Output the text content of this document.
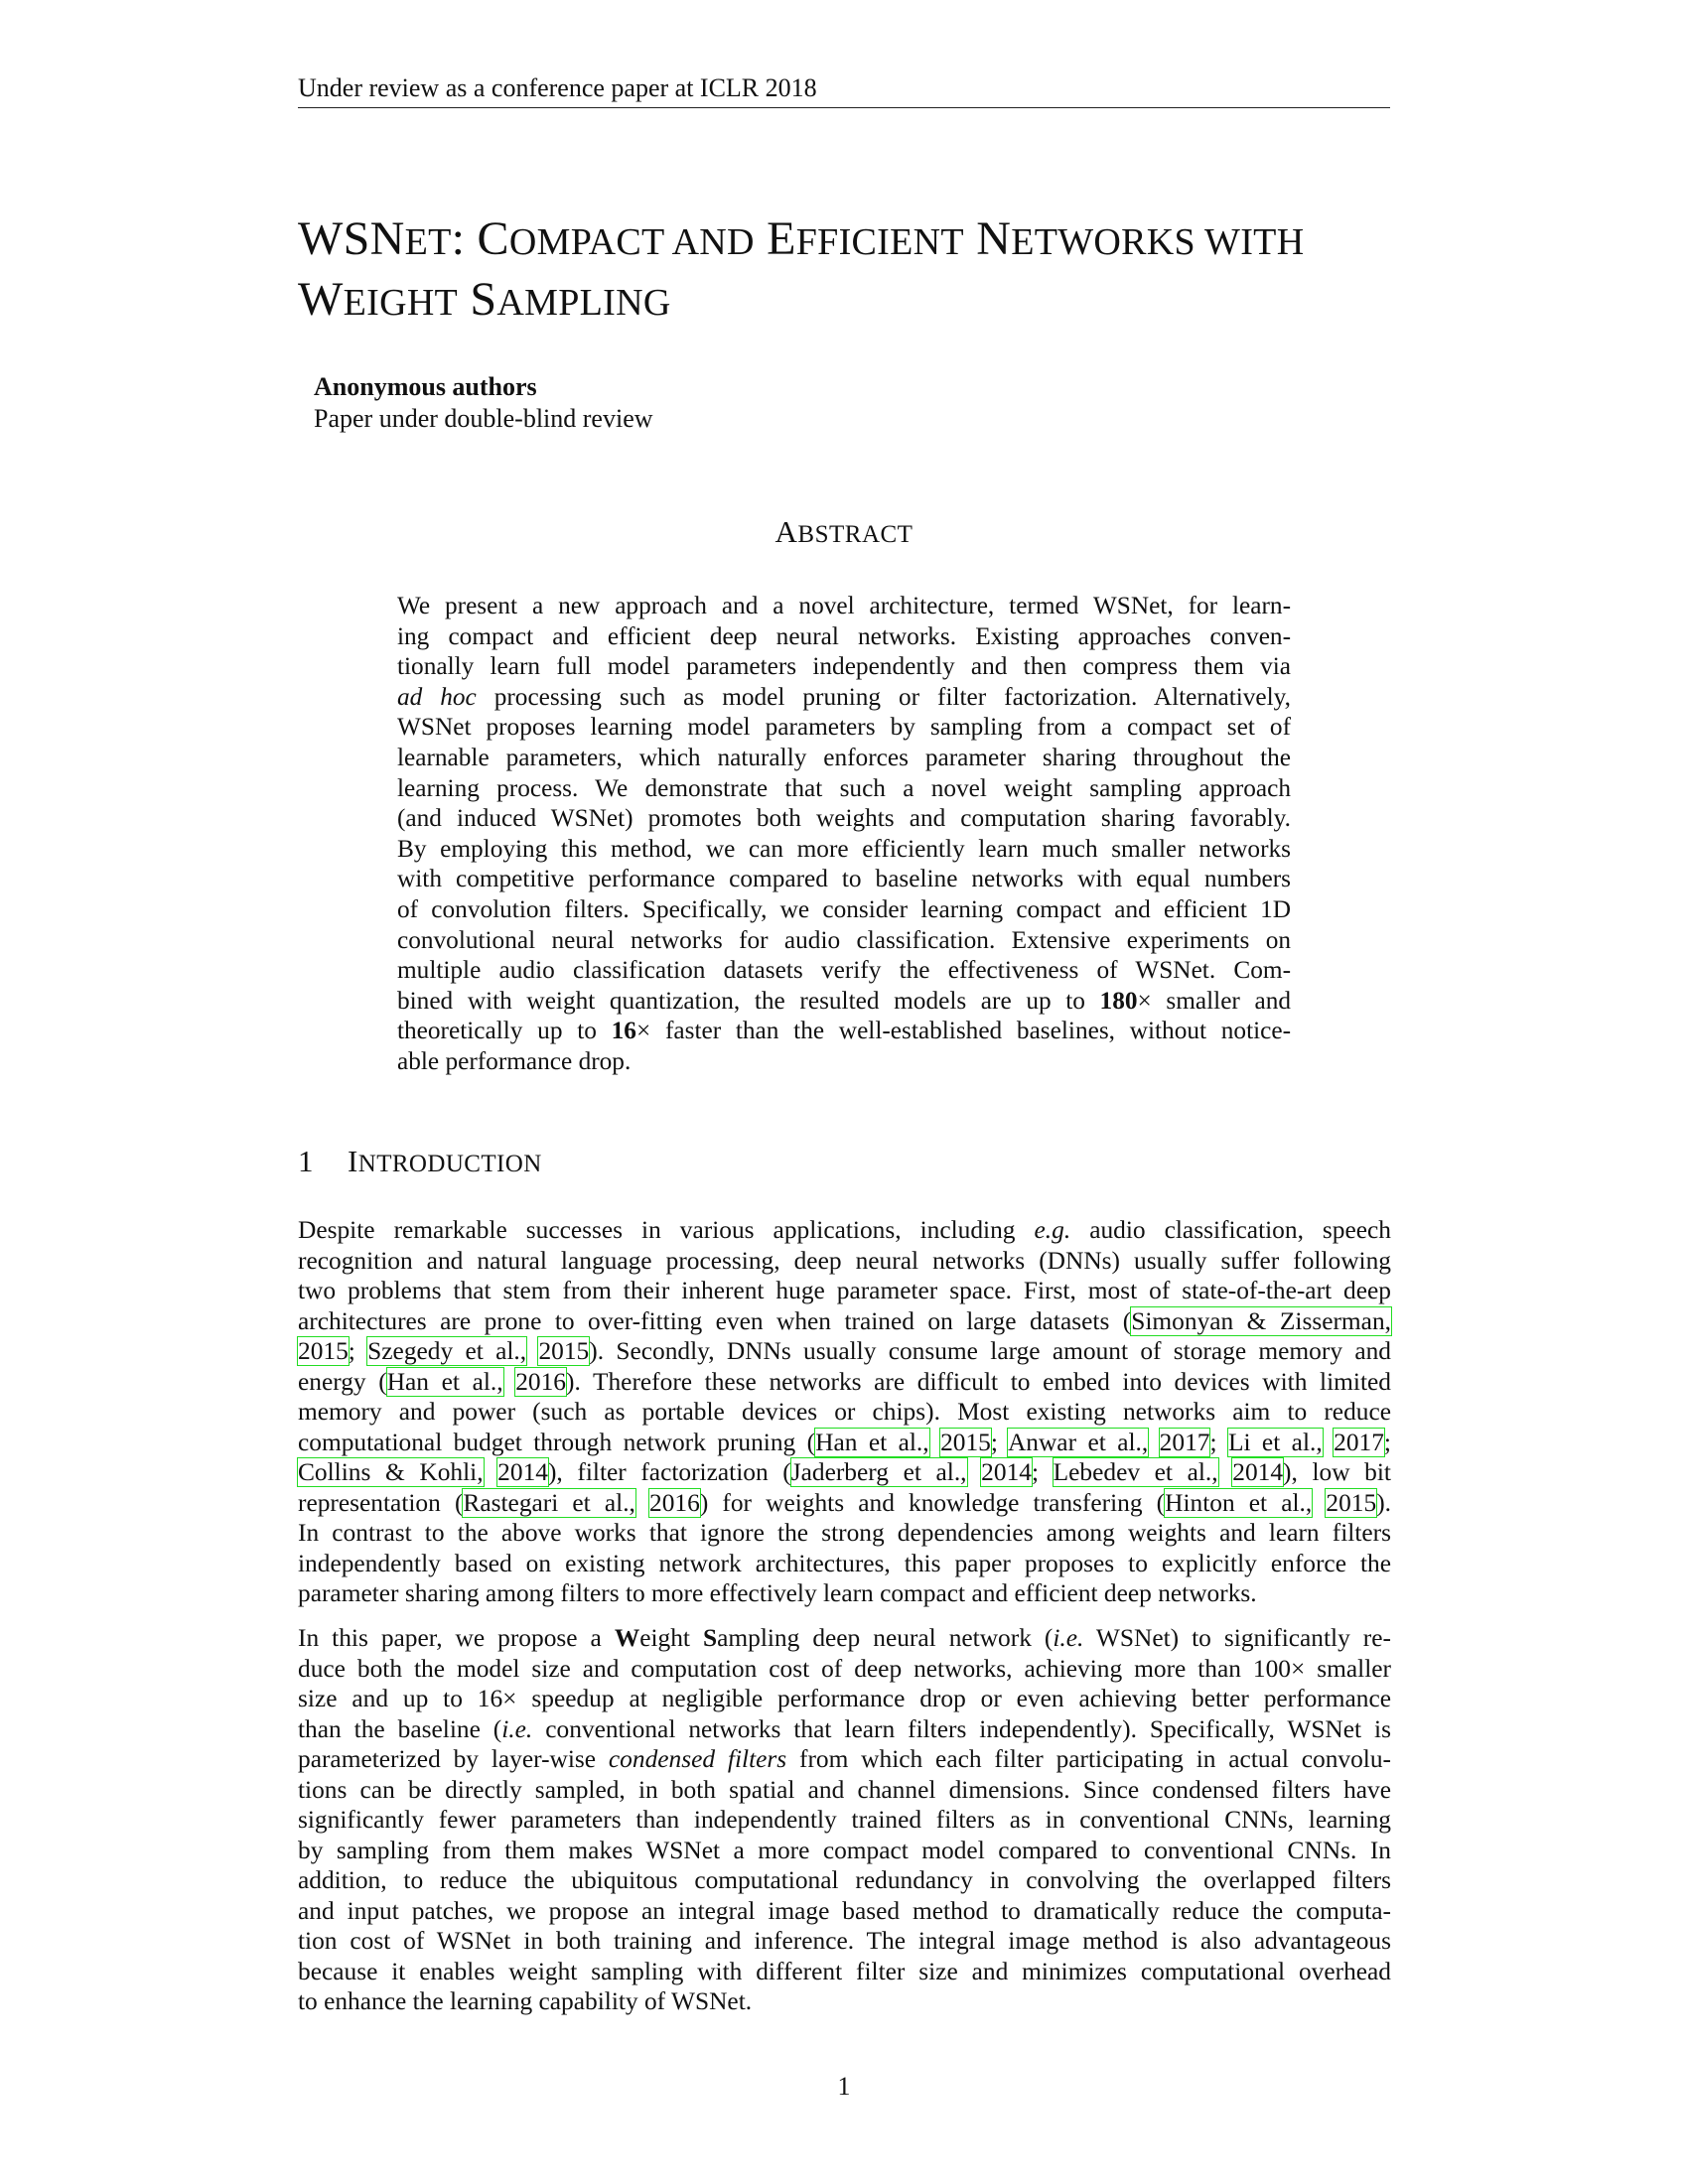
Under review as a conference paper at ICLR 2018
WSNET: COMPACT AND EFFICIENT NETWORKS WITH
WEIGHT SAMPLING
Anonymous authors
Paper under double-blind review
ABSTRACT
We present a new approach and a novel architecture, termed WSNet, for learn-
ing compact and efficient deep neural networks. Existing approaches conven-
tionally learn full model parameters independently and then compress them via
ad hoc processing such as model pruning or filter factorization. Alternatively,
WSNet proposes learning model parameters by sampling from a compact set of
learnable parameters, which naturally enforces parameter sharing throughout the
learning process. We demonstrate that such a novel weight sampling approach
(and induced WSNet) promotes both weights and computation sharing favorably.
By employing this method, we can more efficiently learn much smaller networks
with competitive performance compared to baseline networks with equal numbers
of convolution filters. Specifically, we consider learning compact and efficient 1D
convolutional neural networks for audio classification. Extensive experiments on
multiple audio classification datasets verify the effectiveness of WSNet. Com-
bined with weight quantization, the resulted models are up to 180× smaller and
theoretically up to 16× faster than the well-established baselines, without notice-
able performance drop.
1 INTRODUCTION
Despite remarkable successes in various applications, including e.g. audio classification, speech
recognition and natural language processing, deep neural networks (DNNs) usually suffer following
two problems that stem from their inherent huge parameter space. First, most of state-of-the-art deep
architectures are prone to over-fitting even when trained on large datasets (Simonyan & Zisserman,
2015; Szegedy et al., 2015). Secondly, DNNs usually consume large amount of storage memory and
energy (Han et al., 2016). Therefore these networks are difficult to embed into devices with limited
memory and power (such as portable devices or chips). Most existing networks aim to reduce
computational budget through network pruning (Han et al., 2015; Anwar et al., 2017; Li et al., 2017;
Collins & Kohli, 2014), filter factorization (Jaderberg et al., 2014; Lebedev et al., 2014), low bit
representation (Rastegari et al., 2016) for weights and knowledge transfering (Hinton et al., 2015).
In contrast to the above works that ignore the strong dependencies among weights and learn filters
independently based on existing network architectures, this paper proposes to explicitly enforce the
parameter sharing among filters to more effectively learn compact and efficient deep networks.
In this paper, we propose a Weight Sampling deep neural network (i.e. WSNet) to significantly re-
duce both the model size and computation cost of deep networks, achieving more than 100× smaller
size and up to 16× speedup at negligible performance drop or even achieving better performance
than the baseline (i.e. conventional networks that learn filters independently). Specifically, WSNet is
parameterized by layer-wise condensed filters from which each filter participating in actual convolu-
tions can be directly sampled, in both spatial and channel dimensions. Since condensed filters have
significantly fewer parameters than independently trained filters as in conventional CNNs, learning
by sampling from them makes WSNet a more compact model compared to conventional CNNs. In
addition, to reduce the ubiquitous computational redundancy in convolving the overlapped filters
and input patches, we propose an integral image based method to dramatically reduce the computa-
tion cost of WSNet in both training and inference. The integral image method is also advantageous
because it enables weight sampling with different filter size and minimizes computational overhead
to enhance the learning capability of WSNet.
1
